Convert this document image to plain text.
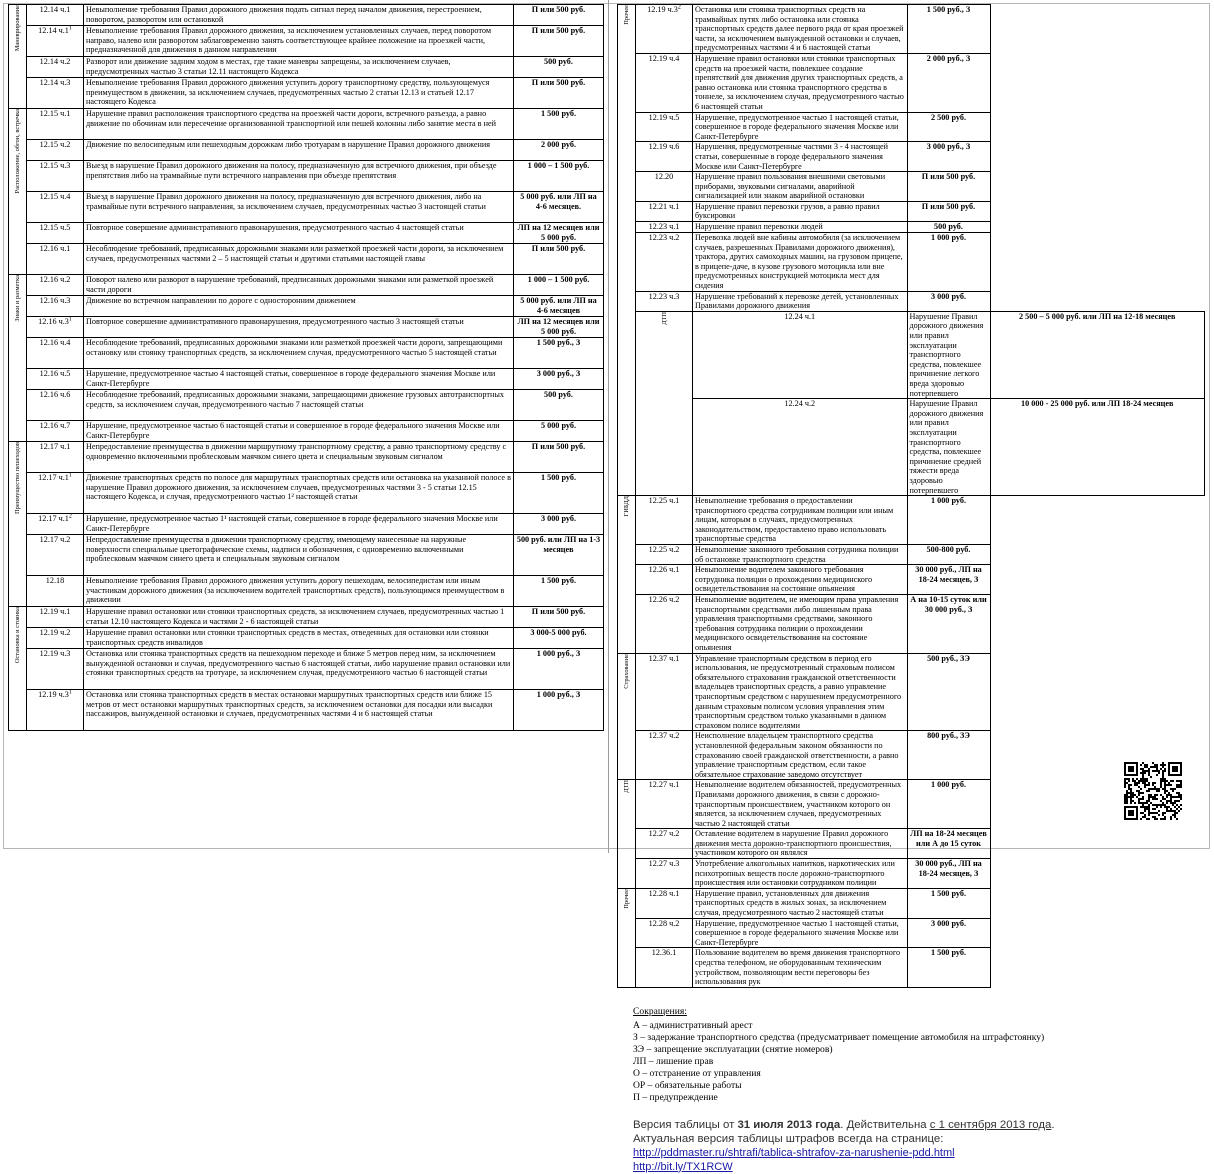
Маневрирование	12.14 ч.1	Невыполнение требования Правил дорожного движения подать сигнал перед началом движения, перестроением, поворотом, разворотом или остановкой	П или 500 руб.
	12.14 $ч.1^1$	Невыполнение требования Правил дорожного движения, за исключением установленных случаев, перед поворотом направо, налево или разворотом заблаговременно занять соответствующее крайнее положение на проезжей части, предназначенной для движения в данном направлении	П или 500 руб.
	12.14 ч.2	Разворот или движение задним ходом в местах, где такие маневры запрещены, за исключением случаев, предусмотренных частью 3 статьи 12.11 настоящего Кодекса	500 руб.
	12.14 ч.3	Невыполнение требования Правил дорожного движения уступить дорогу транспортному средству, пользующемуся преимуществом в движении, за исключением случаев, предусмотренных частью 2 статьи 12.13 и статьей 12.17 настоящего Кодекса	П или 500 руб.
Расположение, обгон, встречка	12.15 ч.1	Нарушение правил расположения транспортного средства на проезжей части дороги, встречного разъезда, а равно движение по обочинам или пересечение организованной транспортной или пешей колонны либо занятие места в ней	1 500 руб.
	12.15 ч.2	Движение по велосипедным или пешеходным дорожкам либо тротуарам в нарушение Правил дорожного движения	2 000 руб.
	12.15 ч.3	Выезд в нарушение Правил дорожного движения на полосу, предназначенную для встречного движения, при объезде препятствия либо на трамвайные пути встречного направления при объезде препятствия	1 000 – 1 500 руб.
	12.15 ч.4	Выезд в нарушение Правил дорожного движения на полосу, предназначенную для встречного движения, либо на трамвайные пути встречного направления, за исключением случаев, предусмотренных частью 3 настоящей статьи	5 000 руб. или ЛП на 4-6 месяцев.
	12.15 ч.5	Повторное совершение административного правонарушения, предусмотренного частью 4 настоящей статьи	ЛП на 12 месяцев или 5 000 руб.
	12.16 ч.1	Несоблюдение требований, предписанных дорожными знаками или разметкой проезжей части дороги, за исключением случаев, предусмотренных частями 2 – 5 настоящей статьи и другими статьями настоящей главы	П или 500 руб.
Знаки и разметка	12.16 ч.2	Поворот налево или разворот в нарушение требований, предписанных дорожными знаками или разметкой проезжей части дороги	1 000 – 1 500 руб.
	12.16 ч.3	Движение во встречном направлении по дороге с односторонним движением	5 000 руб. или ЛП на 4-6 месяцев
	12.16 $ч.3^1$	Повторное совершение административного правонарушения, предусмотренного частью 3 настоящей статьи	ЛП на 12 месяцев или 5 000 руб.
	12.16 ч.4	Несоблюдение требований, предписанных дорожными знаками или разметкой проезжей части дороги, запрещающими остановку или стоянку транспортных средств, за исключением случая, предусмотренного частью 5 настоящей статьи	1 500 руб., З
	12.16 ч.5	Нарушение, предусмотренное частью 4 настоящей статьи, совершенное в городе федерального значения Москве или Санкт-Петербурге	3 000 руб., З
	12.16 ч.6	Несоблюдение требований, предписанных дорожными знаками, запрещающими движение грузовых автотранспортных средств, за исключением случая, предусмотренного частью 7 настоящей статьи	500 руб.
	12.16 ч.7	Нарушение, предусмотренное частью 6 настоящей статьи и совершенное в городе федерального значения Москве или Санкт-Петербурге	5 000 руб.
Преимущество пешеходов	12.17 ч.1	Непредоставление преимущества в движении маршрутному транспортному средству, а равно транспортному средству с одновременно включенными проблесковым маячком синего цвета и специальным звуковым сигналом	П или 500 руб.
	12.17 $ч.1^1$	Движение транспортных средств по полосе для маршрутных транспортных средств или остановка на указанной полосе в нарушение Правил дорожного движения, за исключением случаев, предусмотренных частями 3 - 5 статьи 12.15 настоящего Кодекса, и случая, предусмотренного частью 1² настоящей статьи	1 500 руб.
	12.17 $ч.1^2$	Нарушение, предусмотренное частью 1¹ настоящей статьи, совершенное в городе федерального значения Москве или Санкт-Петербурге	3 000 руб.
	12.17 ч.2	Непредоставление преимущества в движении транспортному средству, имеющему нанесенные на наружные поверхности специальные цветографические схемы, надписи и обозначения, с одновременно включенными проблесковым маячком синего цвета и специальным звуковым сигналом	500 руб. или ЛП на 1-3 месяцев
	12.18	Невыполнение требования Правил дорожного движения уступить дорогу пешеходам, велосипедистам или иным участникам дорожного движения (за исключением водителей транспортных средств), пользующимся преимуществом в движении	1 500 руб.
Остановка и стоянка	12.19 ч.1	Нарушение правил остановки или стоянки транспортных средств, за исключением случаев, предусмотренных частью 1 статьи 12.10 настоящего Кодекса и частями 2 - 6 настоящей статьи	П или 500 руб.
	12.19 ч.2	Нарушение правил остановки или стоянки транспортных средств в местах, отведенных для остановки или стоянки транспортных средств инвалидов	3 000-5 000 руб.
	12.19 ч.3	Остановка или стоянка транспортных средств на пешеходном переходе и ближе 5 метров перед ним, за исключением вынужденной остановки и случая, предусмотренного частью 6 настоящей статьи, либо нарушение правил остановки или стоянки транспортных средств на тротуаре, за исключением случая, предусмотренного частью 6 настоящей статьи	1 000 руб., З
	12.19 $ч.3^1$	Остановка или стоянка транспортных средств в местах остановки маршрутных транспортных средств или ближе 15 метров от мест остановки маршрутных транспортных средств, за исключением остановки для посадки или высадки пассажиров, вынужденной остановки и случаев, предусмотренных частями 4 и 6 настоящей статьи	1 000 руб., З
Прочее	12.19 $ч.3^2$	Остановка или стоянка транспортных средств на трамвайных путях либо остановка или стоянка транспортных средств далее первого ряда от края проезжей части, за исключением вынужденной остановки и случаев, предусмотренных частями 4 и 6 настоящей статьи	1 500 руб., З	
	12.19 ч.4	Нарушение правил остановки или стоянки транспортных средств на проезжей части, повлекшее создание препятствий для движения других транспортных средств, а равно остановка или стоянка транспортного средства в тоннеле, за исключением случая, предусмотренного частью 6 настоящей статьи	2 000 руб., З	
	12.19 ч.5	Нарушение, предусмотренное частью 1 настоящей статьи, совершенное в городе федерального значения Москве или Санкт-Петербурге	2 500 руб.	
	12.19 ч.6	Нарушения, предусмотренные частями 3 - 4 настоящей статьи, совершенные в городе федерального значения Москве или Санкт-Петербурге	3 000 руб., З	
	12.20	Нарушение правил пользования внешними световыми приборами, звуковыми сигналами, аварийной сигнализацией или знаком аварийной остановки	П или 500 руб.	
	12.21 ч.1	Нарушение правил перевозки грузов, а равно правил буксировки	П или 500 руб.	
	12.23 ч.1	Нарушение правил перевозки людей	500 руб.	
	12.23 ч.2	Перевозка людей вне кабины автомобиля (за исключением случаев, разрешенных Правилами дорожного движения), трактора, других самоходных машин, на грузовом прицепе, в прицепе-даче, в кузове грузового мотоцикла или вне предусмотренных конструкцией мотоцикла мест для сидения	1 000 руб.	
	12.23 ч.3	Нарушение требований к перевозке детей, установленных Правилами дорожного движения	3 000 руб.	
	ДТП	12.24 ч.1	Нарушение Правил дорожного движения или правил эксплуатации транспортного средства, повлекшее причинение легкого вреда здоровью потерпевшего	2 500 – 5 000 руб. или ЛП на 12-18 месяцев
		12.24 ч.2	Нарушение Правил дорожного движения или правил эксплуатации транспортного средства, повлекшее причинение средней тяжести вреда здоровью потерпевшего	10 000 - 25 000 руб. или ЛП 18-24 месяцев
ГИБДД	12.25 ч.1	Невыполнение требования о предоставлении транспортного средства сотрудникам полиции или иным лицам, которым в случаях, предусмотренных законодательством, предоставлено право использовать транспортные средства	1 000 руб.	
	12.25 ч.2	Невыполнение законного требования сотрудника полиции об остановке транспортного средства	500-800 руб.	
	12.26 ч.1	Невыполнение водителем законного требования сотрудника полиции о прохождении медицинского освидетельствования на состояние опьянения	30 000 руб., ЛП на 18-24 месяцев, З	
	12.26 ч.2	Невыполнение водителем, не имеющим права управления транспортными средствами либо лишенным права управления транспортными средствами, законного требования сотрудника полиции о прохождении медицинского освидетельствования на состояние опьянения	А на 10-15 суток или 30 000 руб., З	
Страхование	12.37 ч.1	Управление транспортным средством в период его использования, не предусмотренный страховым полисом обязательного страхования гражданской ответственности владельцев транспортных средств, а равно управление транспортным средством с нарушением предусмотренного данным страховым полисом условия управления этим транспортным средством только указанными в данном страховом полисе водителями	500 руб., ЗЭ	
	12.37 ч.2	Неисполнение владельцем транспортного средства установленной федеральным законом обязанности по страхованию своей гражданской ответственности, а равно управление транспортным средством, если такое обязательное страхование заведомо отсутствует	800 руб., ЗЭ	
ДТП	12.27 ч.1	Невыполнение водителем обязанностей, предусмотренных Правилами дорожного движения, в связи с дорожно-транспортным происшествием, участником которого он является, за исключением случаев, предусмотренных частью 2 настоящей статьи	1 000 руб.	
	12.27 ч.2	Оставление водителем в нарушение Правил дорожного движения места дорожно-транспортного происшествия, участником которого он являлся	ЛП на 18-24 месяцев или А до 15 суток	
	12.27 ч.3	Употребление алкогольных напитков, наркотических или психотропных веществ после дорожно-транспортного происшествия или остановки сотрудником полиции	30 000 руб., ЛП на 18-24 месяцев, З	
Прочее	12.28 ч.1	Нарушение правил, установленных для движения транспортных средств в жилых зонах, за исключением случая, предусмотренного частью 2 настоящей статьи	1 500 руб.	
	12.28 ч.2	Нарушение, предусмотренное частью 1 настоящей статьи, совершенное в городе федерального значения Москве или Санкт-Петербурге	3 000 руб.	
	12.36.1	Пользование водителем во время движения транспортного средства телефоном, не оборудованным техническим устройством, позволяющим вести переговоры без использования рук	1 500 руб.	
Сокращения:
А – административный арест
З – задержание транспортного средства (предусматривает помещение автомобиля на штрафстоянку)
ЗЭ – запрещение эксплуатации (снятие номеров)
ЛП – лишение прав
О – отстранение от управления
ОР – обязательные работы
П – предупреждение
Версия таблицы от 31 июля 2013 года. Действительна с 1 сентября 2013 года.
Актуальная версия таблицы штрафов всегда на странице:
http://pddmaster.ru/shtrafi/tablica-shtrafov-za-narushenie-pdd.html
http://bit.ly/TX1RCW
